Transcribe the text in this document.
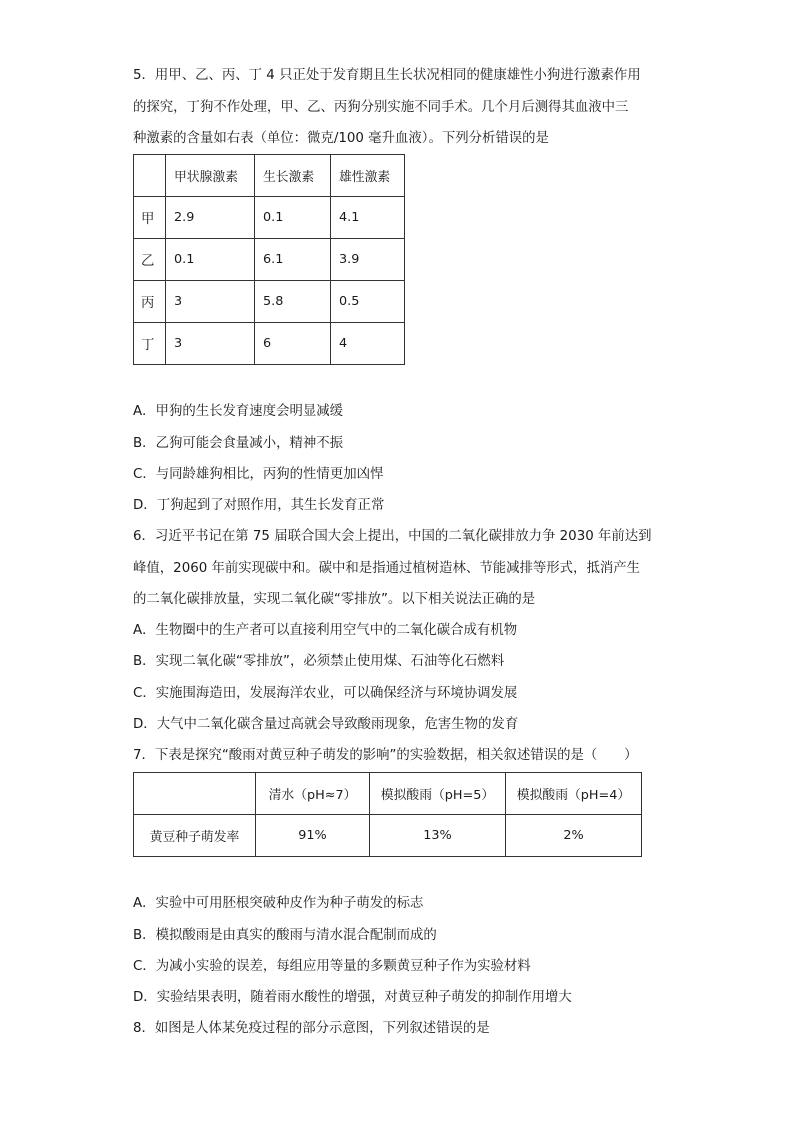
5．用甲、乙、丙、丁 4 只正处于发育期且生长状况相同的健康雄性小狗进行激素作用
的探究，丁狗不作处理，甲、乙、丙狗分别实施不同手术。几个月后测得其血液中三
种激素的含量如右表（单位：微克/100 毫升血液）。下列分析错误的是
	甲状腺激素	生长激素	雄性激素
甲	2.9	0.1	4.1
乙	0.1	6.1	3.9
丙	3	5.8	0.5
丁	3	6	4
A．甲狗的生长发育速度会明显减缓
B．乙狗可能会食量减小，精神不振
C．与同龄雄狗相比，丙狗的性情更加凶悍
D．丁狗起到了对照作用，其生长发育正常
6．习近平书记在第 75 届联合国大会上提出，中国的二氧化碳排放力争 2030 年前达到
峰值，2060 年前实现碳中和。碳中和是指通过植树造林、节能减排等形式，抵消产生
的二氧化碳排放量，实现二氧化碳“零排放”。以下相关说法正确的是
A．生物圈中的生产者可以直接利用空气中的二氧化碳合成有机物
B．实现二氧化碳“零排放”，必须禁止使用煤、石油等化石燃料
C．实施围海造田，发展海洋农业，可以确保经济与环境协调发展
D．大气中二氧化碳含量过高就会导致酸雨现象，危害生物的发育
7．下表是探究“酸雨对黄豆种子萌发的影响”的实验数据，相关叙述错误的是（　　）
	清水（pH≈7）	模拟酸雨（pH=5）	模拟酸雨（pH=4）
黄豆种子萌发率	91%	13%	2%
A．实验中可用胚根突破种皮作为种子萌发的标志
B．模拟酸雨是由真实的酸雨与清水混合配制而成的
C．为减小实验的误差，每组应用等量的多颗黄豆种子作为实验材料
D．实验结果表明，随着雨水酸性的增强，对黄豆种子萌发的抑制作用增大
8．如图是人体某免疫过程的部分示意图，下列叙述错误的是
